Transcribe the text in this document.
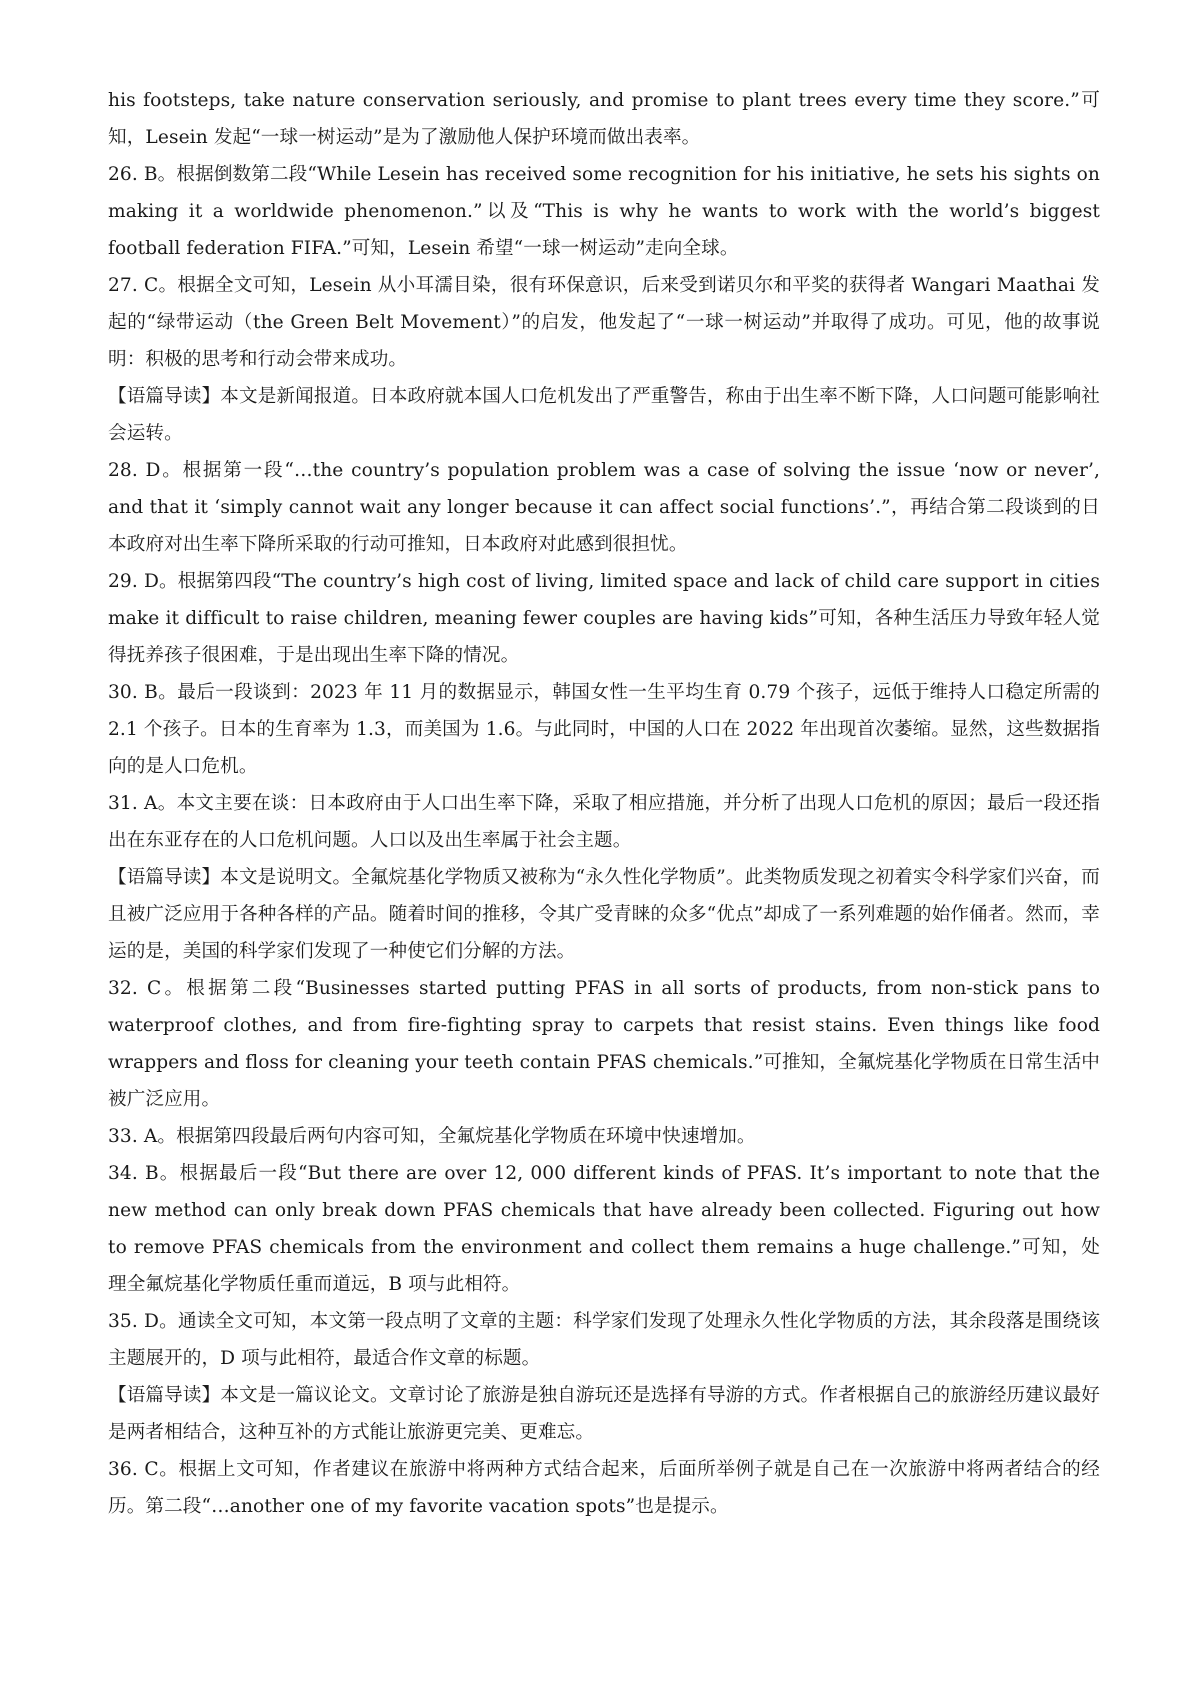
his footsteps, take nature conservation seriously, and promise to plant trees every time they score.”可知，Lesein 发起“一球一树运动”是为了激励他人保护环境而做出表率。

26. B。根据倒数第二段“While Lesein has received some recognition for his initiative, he sets his sights on making it a worldwide phenomenon.”以及“This is why he wants to work with the world’s biggest football federation FIFA.”可知，Lesein 希望“一球一树运动”走向全球。

27. C。根据全文可知，Lesein 从小耳濡目染，很有环保意识，后来受到诺贝尔和平奖的获得者 Wangari Maathai 发起的“绿带运动（the Green Belt Movement）”的启发，他发起了“一球一树运动”并取得了成功。可见，他的故事说明：积极的思考和行动会带来成功。

【语篇导读】本文是新闻报道。日本政府就本国人口危机发出了严重警告，称由于出生率不断下降，人口问题可能影响社会运转。

28. D。根据第一段“…the country’s population problem was a case of solving the issue ‘now or never’, and that it ‘simply cannot wait any longer because it can affect social functions’.”，再结合第二段谈到的日本政府对出生率下降所采取的行动可推知，日本政府对此感到很担忧。

29. D。根据第四段“The country’s high cost of living, limited space and lack of child care support in cities make it difficult to raise children, meaning fewer couples are having kids”可知，各种生活压力导致年轻人觉得抚养孩子很困难，于是出现出生率下降的情况。

30. B。最后一段谈到：2023 年 11 月的数据显示，韩国女性一生平均生育 0.79 个孩子，远低于维持人口稳定所需的 2.1 个孩子。日本的生育率为 1.3，而美国为 1.6。与此同时，中国的人口在 2022 年出现首次萎缩。显然，这些数据指向的是人口危机。

31. A。本文主要在谈：日本政府由于人口出生率下降，采取了相应措施，并分析了出现人口危机的原因；最后一段还指出在东亚存在的人口危机问题。人口以及出生率属于社会主题。

【语篇导读】本文是说明文。全氟烷基化学物质又被称为“永久性化学物质”。此类物质发现之初着实令科学家们兴奋，而且被广泛应用于各种各样的产品。随着时间的推移，令其广受青睐的众多“优点”却成了一系列难题的始作俑者。然而，幸运的是，美国的科学家们发现了一种使它们分解的方法。

32. C。根据第二段“Businesses started putting PFAS in all sorts of products, from non-stick pans to waterproof clothes, and from fire-fighting spray to carpets that resist stains. Even things like food wrappers and floss for cleaning your teeth contain PFAS chemicals.”可推知，全氟烷基化学物质在日常生活中被广泛应用。

33. A。根据第四段最后两句内容可知，全氟烷基化学物质在环境中快速增加。

34. B。根据最后一段“But there are over 12, 000 different kinds of PFAS. It’s important to note that the new method can only break down PFAS chemicals that have already been collected. Figuring out how to remove PFAS chemicals from the environment and collect them remains a huge challenge.”可知，处理全氟烷基化学物质任重而道远，B 项与此相符。

35. D。通读全文可知，本文第一段点明了文章的主题：科学家们发现了处理永久性化学物质的方法，其余段落是围绕该主题展开的，D 项与此相符，最适合作文章的标题。

【语篇导读】本文是一篇议论文。文章讨论了旅游是独自游玩还是选择有导游的方式。作者根据自己的旅游经历建议最好是两者相结合，这种互补的方式能让旅游更完美、更难忘。

36. C。根据上文可知，作者建议在旅游中将两种方式结合起来，后面所举例子就是自己在一次旅游中将两者结合的经历。第二段“…another one of my favorite vacation spots”也是提示。
